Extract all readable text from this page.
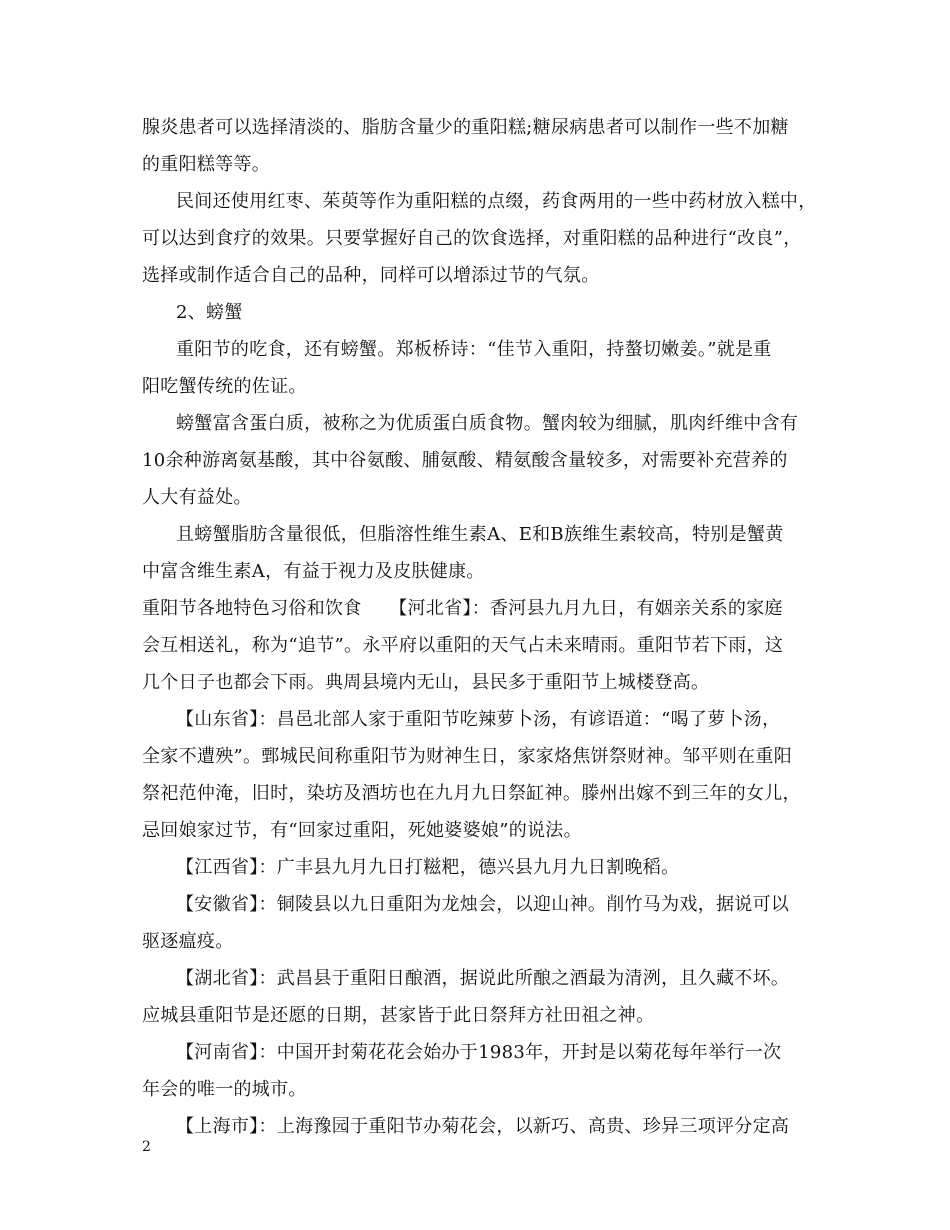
腺炎患者可以选择清淡的、脂肪含量少的重阳糕;糖尿病患者可以制作一些不加糖

的重阳糕等等。

民间还使用红枣、茱萸等作为重阳糕的点缀，药食两用的一些中药材放入糕中，

可以达到食疗的效果。只要掌握好自己的饮食选择，对重阳糕的品种进行“改良”，

选择或制作适合自己的品种，同样可以增添过节的气氛。

2、螃蟹

重阳节的吃食，还有螃蟹。郑板桥诗：“佳节入重阳，持螯切嫩姜。”就是重

阳吃蟹传统的佐证。

螃蟹富含蛋白质，被称之为优质蛋白质食物。蟹肉较为细腻，肌肉纤维中含有

10余种游离氨基酸，其中谷氨酸、脯氨酸、精氨酸含量较多，对需要补充营养的

人大有益处。

且螃蟹脂肪含量很低，但脂溶性维生素A、E和B族维生素较高，特别是蟹黄

中富含维生素A，有益于视力及皮肤健康。

重阳节各地特色习俗和饮食　　【河北省】：香河县九月九日，有姻亲关系的家庭

会互相送礼，称为“追节”。永平府以重阳的天气占未来晴雨。重阳节若下雨，这

几个日子也都会下雨。典周县境内无山，县民多于重阳节上城楼登高。

【山东省】：昌邑北部人家于重阳节吃辣萝卜汤，有谚语道：“喝了萝卜汤，

全家不遭殃”。鄄城民间称重阳节为财神生日，家家烙焦饼祭财神。邹平则在重阳

祭祀范仲淹，旧时，染坊及酒坊也在九月九日祭缸神。滕州出嫁不到三年的女儿，

忌回娘家过节，有“回家过重阳，死她婆婆娘”的说法。

【江西省】：广丰县九月九日打糍粑，德兴县九月九日割晚稻。

【安徽省】：铜陵县以九日重阳为龙烛会，以迎山神。削竹马为戏，据说可以

驱逐瘟疫。

【湖北省】：武昌县于重阳日酿酒，据说此所酿之酒最为清洌，且久藏不坏。

应城县重阳节是还愿的日期，甚家皆于此日祭拜方社田祖之神。

【河南省】：中国开封菊花花会始办于1983年，开封是以菊花每年举行一次

年会的唯一的城市。

【上海市】：上海豫园于重阳节办菊花会，以新巧、高贵、珍异三项评分定高

2
